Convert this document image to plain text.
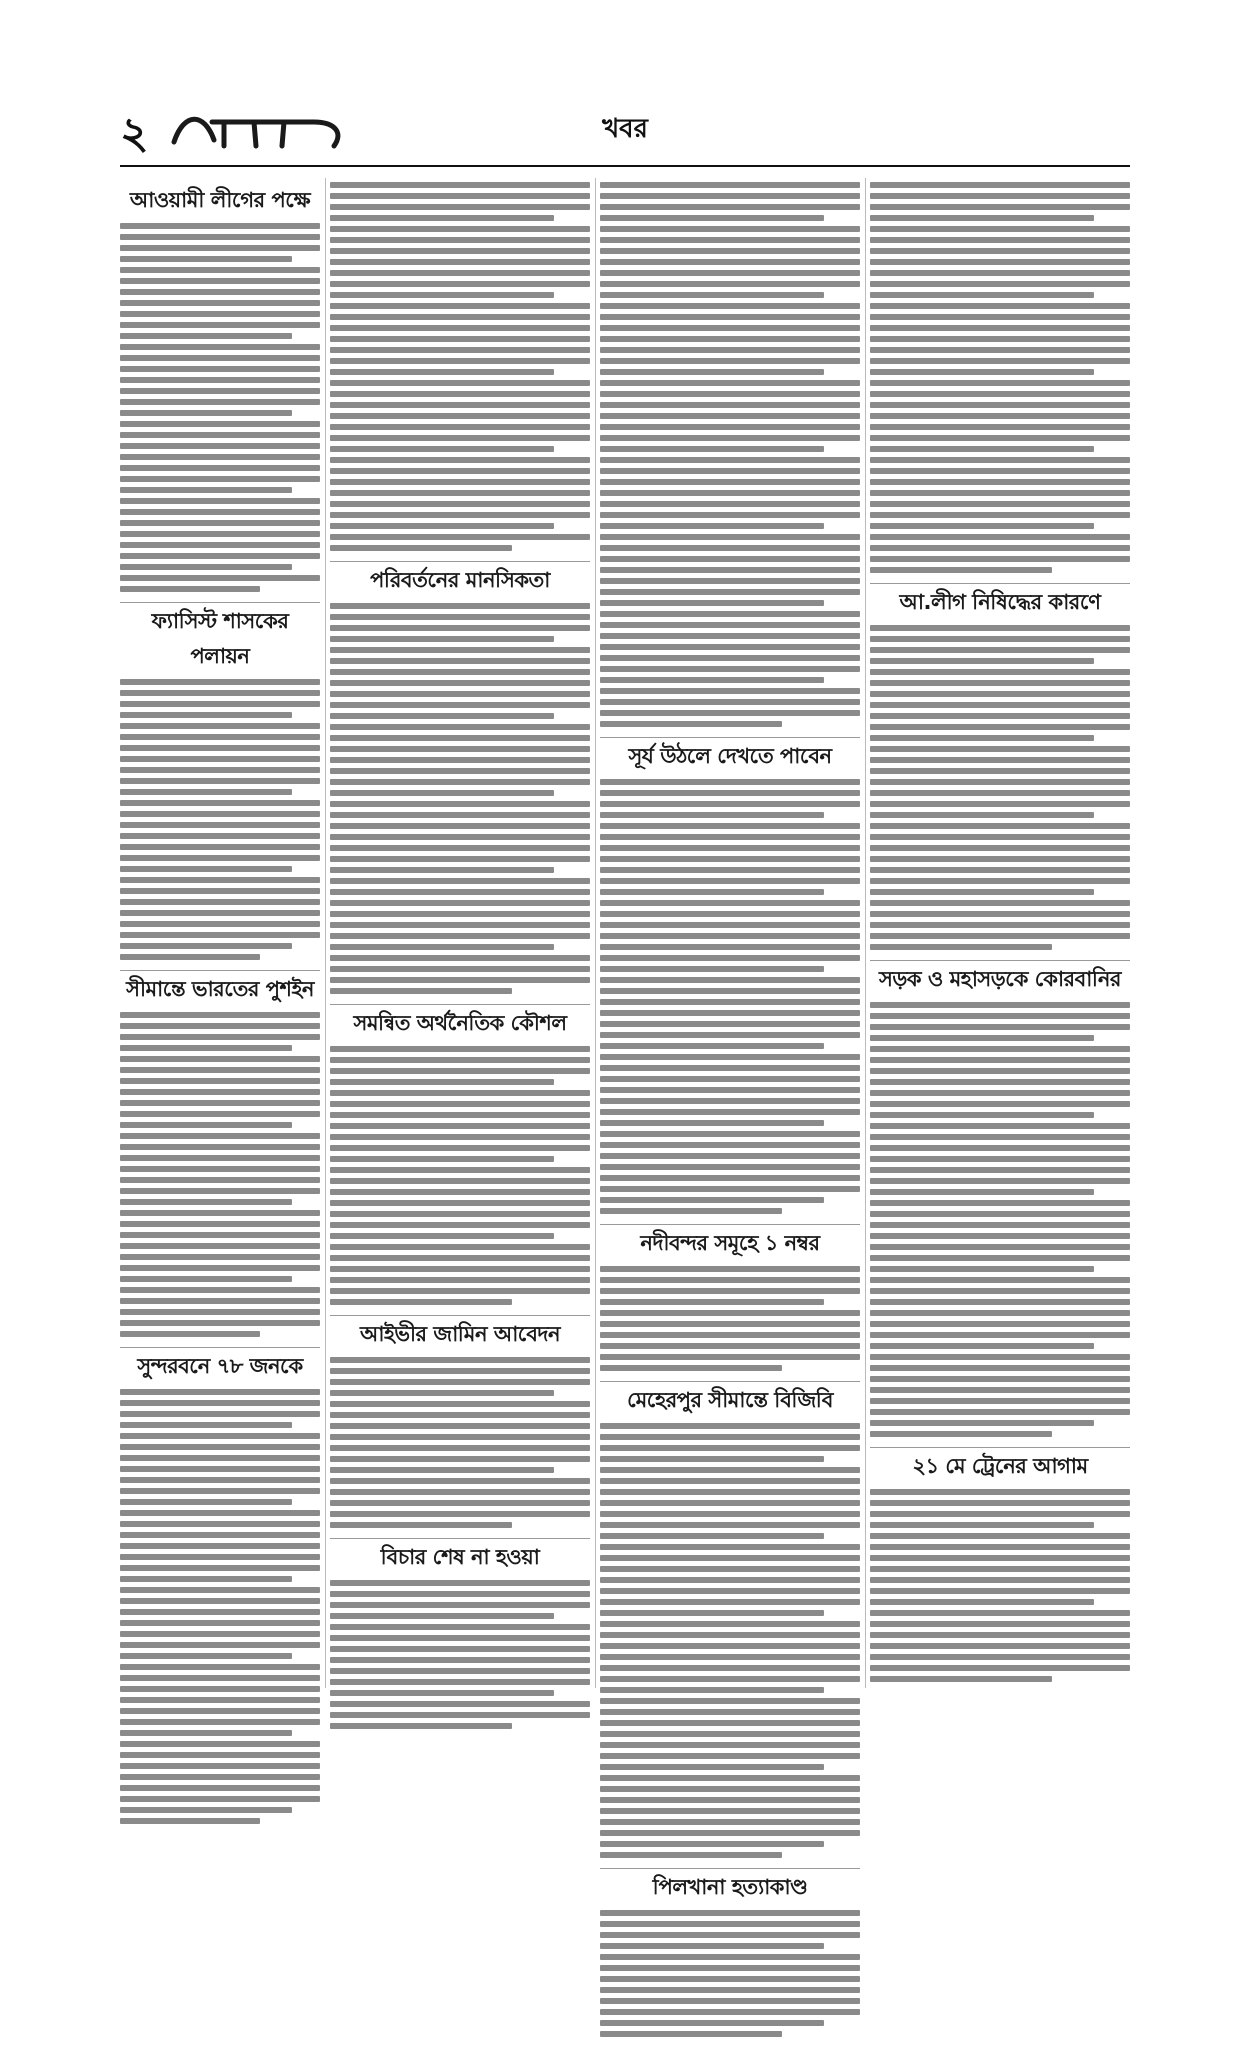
২	খবর
আওয়ামী লীগের পক্ষে
ফ্যাসিস্ট শাসকের পলায়ন
সীমান্তে ভারতের পুশইন
সুন্দরবনে ৭৮ জনকে
পরিবর্তনের মানসিকতা
সমন্বিত অর্থনৈতিক কৌশল
আইভীর জামিন আবেদন
বিচার শেষ না হওয়া
সূর্য উঠলে দেখতে পাবেন
নদীবন্দর সমূহে ১ নম্বর
মেহেরপুর সীমান্তে বিজিবি
পিলখানা হত্যাকাণ্ড
আ.লীগ নিষিদ্ধের কারণে
সড়ক ও মহাসড়কে কোরবানির
২১ মে ট্রেনের আগাম
